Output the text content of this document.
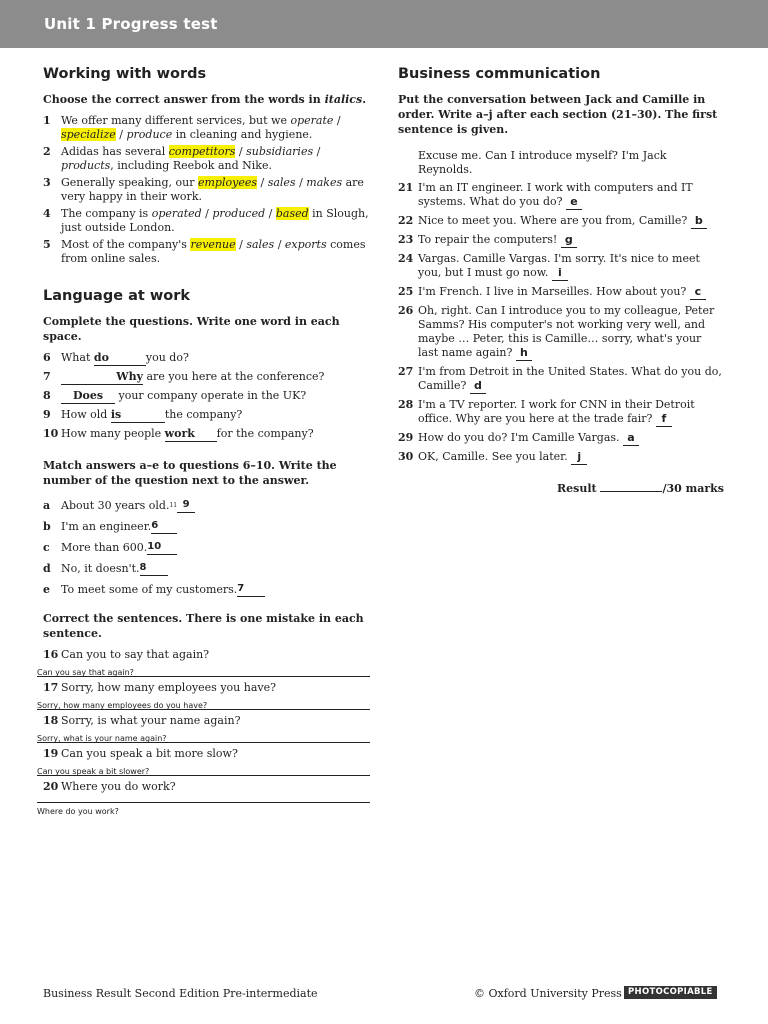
Unit 1 Progress test
Working with words
Choose the correct answer from the words in italics.
1 We offer many different services, but we operate / specialize / produce in cleaning and hygiene.
2 Adidas has several competitors / subsidiaries / products, including Reebok and Nike.
3 Generally speaking, our employees / sales / makes are very happy in their work.
4 The company is operated / produced / based in Slough, just outside London.
5 Most of the company's revenue / sales / exports comes from online sales.
Language at work
Complete the questions. Write one word in each space.
6 What do	you do?
7	Why are you here at the conference?
8	Does your company operate in the UK?
9 How old is	the company?
10 How many people work for the company?
Match answers a–e to questions 6–10. Write the number of the question next to the answer.
a About 30 years old. 11 9
b I'm an engineer. 6
c	More than 600. 10
d No, it doesn't. 8
e	To meet some of my customers. 7
Correct the sentences. There is one mistake in each sentence.
16 Can you to say that again?
Can you say that again?
17 Sorry, how many employees you have?
Sorry, how many employees do you have?
18 Sorry, is what your name again?
Sorry, what is your name again?
19 Can you speak a bit more slow?
Can you speak a bit slower?
20 Where you do work?
Where do you work?
Business communication
Put the conversation between Jack and Camille in order. Write a–j after each section (21–30). The first sentence is given.
Excuse me. Can I introduce myself? I'm Jack Reynolds.
21 I'm an IT engineer. I work with computers and IT systems. What do you do? e
22 Nice to meet you. Where are you from, Camille? b
23 To repair the computers! g
24 Vargas. Camille Vargas. I'm sorry. It's nice to meet you, but I must go now. i
25 I'm French. I live in Marseilles. How about you? c
26 Oh, right. Can I introduce you to my colleague, Peter Samms? His computer's not working very well, and maybe … Peter, this is Camille… sorry, what's your last name again? h
27 I'm from Detroit in the United States. What do you do, Camille? d
28 I'm a TV reporter. I work for CNN in their Detroit office. Why are you here at the trade fair? f
29 How do you do? I'm Camille Vargas. a
30 OK, Camille. See you later. j
Result	/30 marks
Business Result Second Edition Pre-intermediate	© Oxford University Press PHOTOCOPIABLE
